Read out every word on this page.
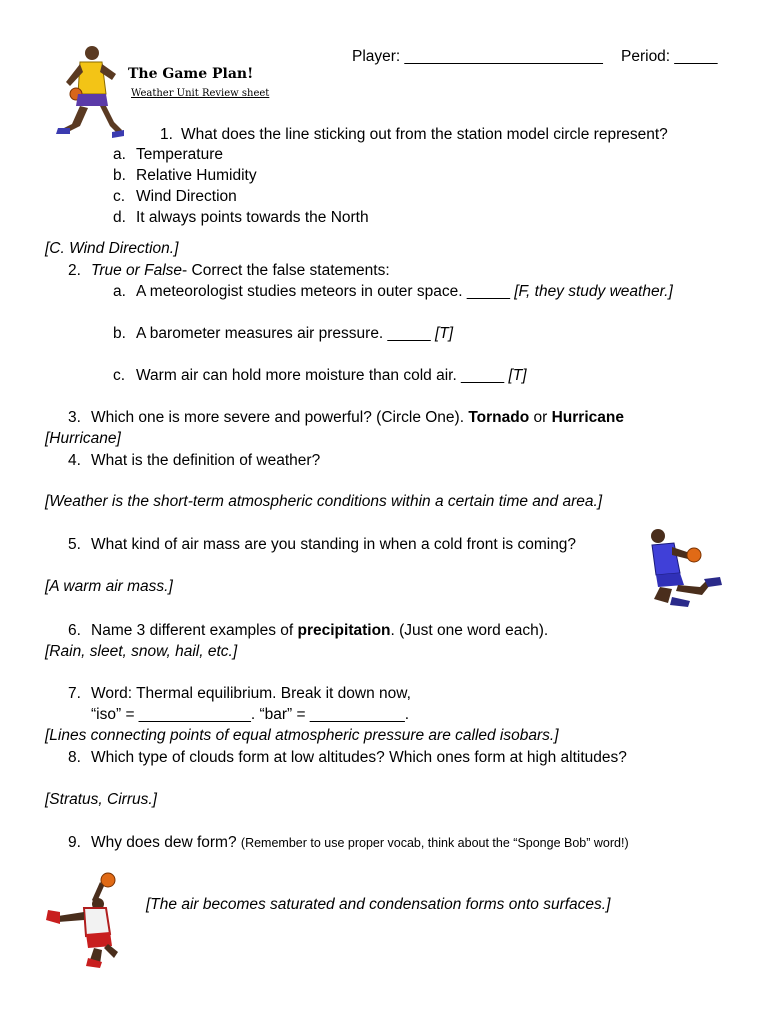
Player: _______________________ Period: _____
The Game Plan!
Weather Unit Review sheet
1. What does the line sticking out from the station model circle represent?
a. Temperature
b. Relative Humidity
c. Wind Direction
d. It always points towards the North
[C. Wind Direction.]
2. True or False- Correct the false statements:
a. A meteorologist studies meteors in outer space. _____ [F, they study weather.]
b. A barometer measures air pressure. _____ [T]
c. Warm air can hold more moisture than cold air. _____ [T]
3. Which one is more severe and powerful? (Circle One). Tornado or Hurricane
[Hurricane]
4. What is the definition of weather?
[Weather is the short-term atmospheric conditions within a certain time and area.]
5. What kind of air mass are you standing in when a cold front is coming?
[A warm air mass.]
6. Name 3 different examples of precipitation. (Just one word each).
[Rain, sleet, snow, hail, etc.]
7. Word: Thermal equilibrium. Break it down now,
“iso” = _____________. “bar” = ___________.
[Lines connecting points of equal atmospheric pressure are called isobars.]
8. Which type of clouds form at low altitudes? Which ones form at high altitudes?
[Stratus, Cirrus.]
9. Why does dew form? (Remember to use proper vocab, think about the “Sponge Bob” word!)
[The air becomes saturated and condensation forms onto surfaces.]
